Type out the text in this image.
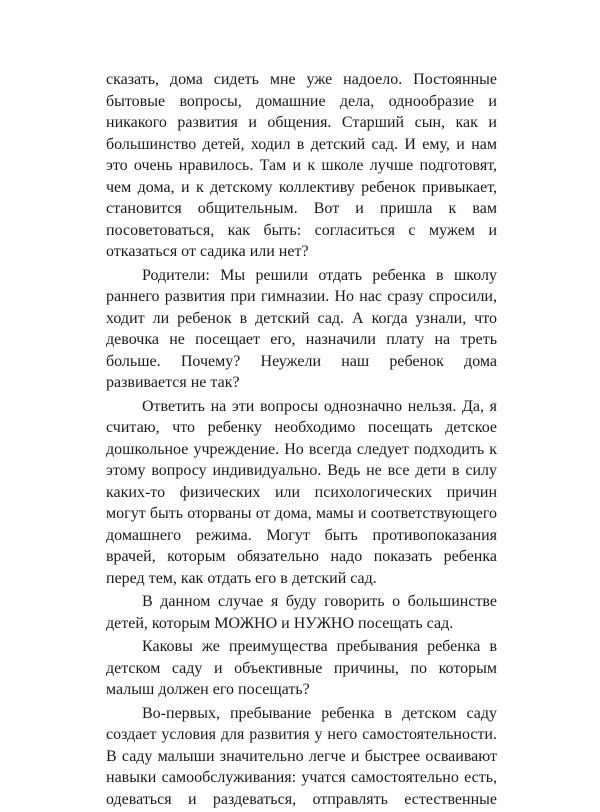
сказать, дома сидеть мне уже надоело. Постоянные бытовые вопросы, домашние дела, однообразие и никакого развития и общения. Старший сын, как и большинство детей, ходил в детский сад. И ему, и нам это очень нравилось. Там и к школе лучше подготовят, чем дома, и к детскому коллективу ребенок привыкает, становится общительным. Вот и пришла к вам посоветоваться, как быть: согласиться с мужем и отказаться от садика или нет?

Родители: Мы решили отдать ребенка в школу раннего развития при гимназии. Но нас сразу спросили, ходит ли ребенок в детский сад. А когда узнали, что девочка не посещает его, назначили плату на треть больше. Почему? Неужели наш ребенок дома развивается не так?

Ответить на эти вопросы однозначно нельзя. Да, я считаю, что ребенку необходимо посещать детское дошкольное учреждение. Но всегда следует подходить к этому вопросу индивидуально. Ведь не все дети в силу каких-то физических или психологических причин могут быть оторваны от дома, мамы и соответствующего домашнего режима. Могут быть противопоказания врачей, которым обязательно надо показать ребенка перед тем, как отдать его в детский сад.

В данном случае я буду говорить о большинстве детей, которым МОЖНО и НУЖНО посещать сад.

Каковы же преимущества пребывания ребенка в детском саду и объективные причины, по которым малыш должен его посещать?

Во-первых, пребывание ребенка в детском саду создает условия для развития у него самостоятельности. В саду малыши значительно легче и быстрее осваивают навыки самообслуживания: учатся самостоятельно есть, одеваться и раздеваться, отправлять естественные
